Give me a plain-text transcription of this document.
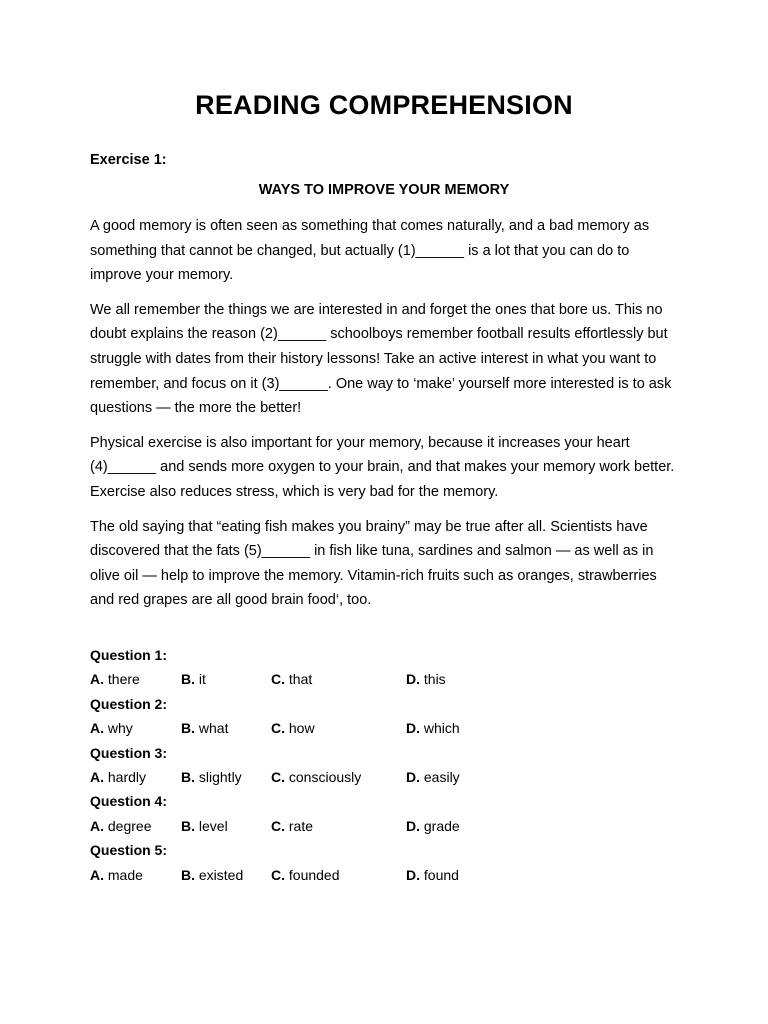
READING COMPREHENSION
Exercise 1:
WAYS TO IMPROVE YOUR MEMORY

A good memory is often seen as something that comes naturally, and a bad memory as something that cannot be changed, but actually (1)______ is a lot that you can do to improve your memory.

We all remember the things we are interested in and forget the ones that bore us. This no doubt explains the reason (2)______ schoolboys remember football results effortlessly but struggle with dates from their history lessons! Take an active interest in what you want to remember, and focus on it (3)______. One way to ‘make’ yourself more interested is to ask questions — the more the better!

Physical exercise is also important for your memory, because it increases your heart (4)______ and sends more oxygen to your brain, and that makes your memory work better. Exercise also reduces stress, which is very bad for the memory.

The old saying that “eating fish makes you brainy” may be true after all. Scientists have discovered that the fats (5)______ in fish like tuna, sardines and salmon — as well as in olive oil — help to improve the memory. Vitamin-rich fruits such as oranges, strawberries and red grapes are all good brain food‘, too.

Question 1:
A. there	B. it	C. that	D. this
Question 2:
A. why	B. what	C. how	D. which
Question 3:
A. hardly B. slightly C. consciously	D. easily
Question 4:
A. degree B. level	C. rate	D. grade
Question 5:
A. made	B. existed C. founded	D. found
